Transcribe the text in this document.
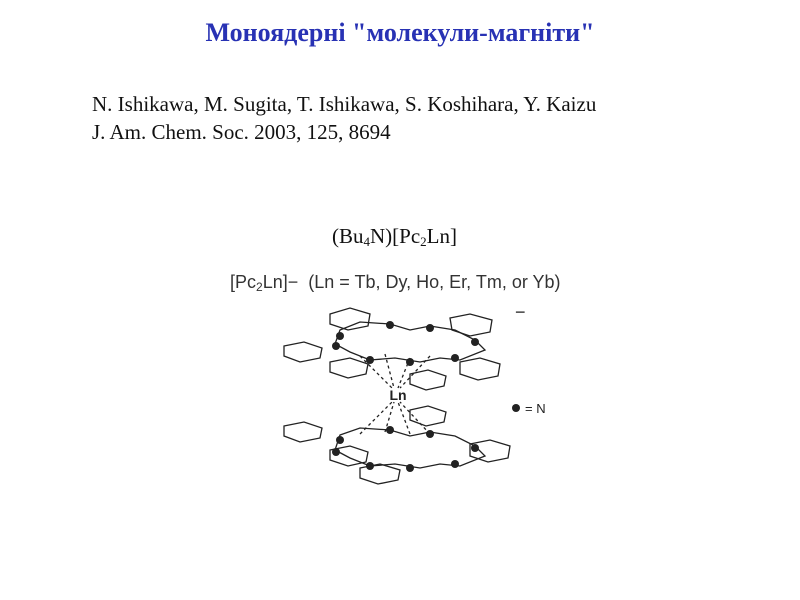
Моноядерні "молекули-магніти"
N. Ishikawa, M. Sugita, T. Ishikawa, S. Koshihara, Y. Kaizu
J. Am. Chem. Soc. 2003, 125, 8694
$(Bu_4N)[Pc_2Ln]$
$[Pc_2Ln]- (Ln = Tb$, Dy, Ho, Er, Tm, or Yb)
Ln
−
= N
